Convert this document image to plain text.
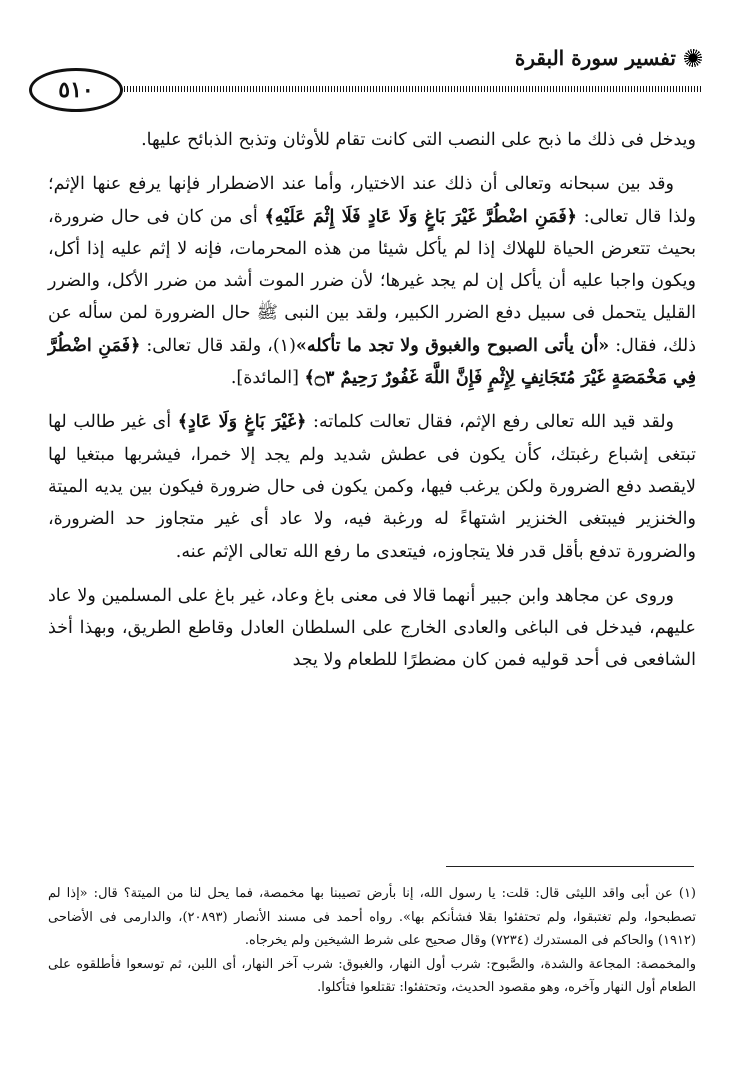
تفسير سورة البقرة
٥١٠

ويدخل فى ذلك ما ذبح على النصب التى كانت تقام للأوثان وتذبح الذبائح عليها.

وقد بين سبحانه وتعالى أن ذلك عند الاختيار، وأما عند الاضطرار فإنها يرفع عنها الإثم؛ ولذا قال تعالى: ﴿فَمَنِ اضْطُرَّ غَيْرَ بَاغٍ وَلَا عَادٍ فَلَا إِثْمَ عَلَيْهِ﴾ أى من كان فى حال ضرورة، بحيث تتعرض الحياة للهلاك إذا لم يأكل شيئا من هذه المحرمات، فإنه لا إثم عليه إذا أكل، ويكون واجبا عليه أن يأكل إن لم يجد غيرها؛ لأن ضرر الموت أشد من ضرر الأكل، والضرر القليل يتحمل فى سبيل دفع الضرر الكبير، ولقد بين النبى ﷺ حال الضرورة لمن سأله عن ذلك، فقال: «أن يأتى الصبوح والغبوق ولا تجد ما تأكله»(١)، ولقد قال تعالى: ﴿فَمَنِ اضْطُرَّ فِي مَخْمَصَةٍ غَيْرَ مُتَجَانِفٍ لِإِثْمٍ فَإِنَّ اللَّهَ غَفُورٌ رَحِيمٌ ۝٣﴾ [المائدة].

ولقد قيد الله تعالى رفع الإثم، فقال تعالت كلماته: ﴿غَيْرَ بَاغٍ وَلَا عَادٍ﴾ أى غير طالب لها تبتغى إشباع رغبتك، كأن يكون فى عطش شديد ولم يجد إلا خمرا، فيشربها مبتغيا لها لايقصد دفع الضرورة ولكن يرغب فيها، وكمن يكون فى حال ضرورة فيكون بين يديه الميتة والخنزير فيبتغى الخنزير اشتهاءً له ورغبة فيه، ولا عاد أى غير متجاوز حد الضرورة، والضرورة تدفع بأقل قدر فلا يتجاوزه، فيتعدى ما رفع الله تعالى الإثم عنه.

وروى عن مجاهد وابن جبير أنهما قالا فى معنى باغ وعاد، غير باغ على المسلمين ولا عاد عليهم، فيدخل فى الباغى والعادى الخارج على السلطان العادل وقاطع الطريق، وبهذا أخذ الشافعى فى أحد قوليه فمن كان مضطرًا للطعام ولا يجد

(١) عن أبى واقد الليثى قال: قلت: يا رسول الله، إنا بأرض تصيبنا بها مخمصة، فما يحل لنا من الميتة؟ قال: «إذا لم تصطبحوا، ولم تغتبقوا، ولم تحتفئوا بقلا فشأنكم بها». رواه أحمد فى مسند الأنصار (٢٠٨٩٣)، والدارمى فى الأضاحى (١٩١٢) والحاكم فى المستدرك (٧٢٣٤) وقال صحيح على شرط الشيخين ولم يخرجاه.

والمخمصة: المجاعة والشدة، والصَّبوح: شرب أول النهار، والغبوق: شرب آخر النهار، أى اللبن، ثم توسعوا فأطلقوه على الطعام أول النهار وآخره، وهو مقصود الحديث، وتحتفئوا: تقتلعوا فتأكلوا.
